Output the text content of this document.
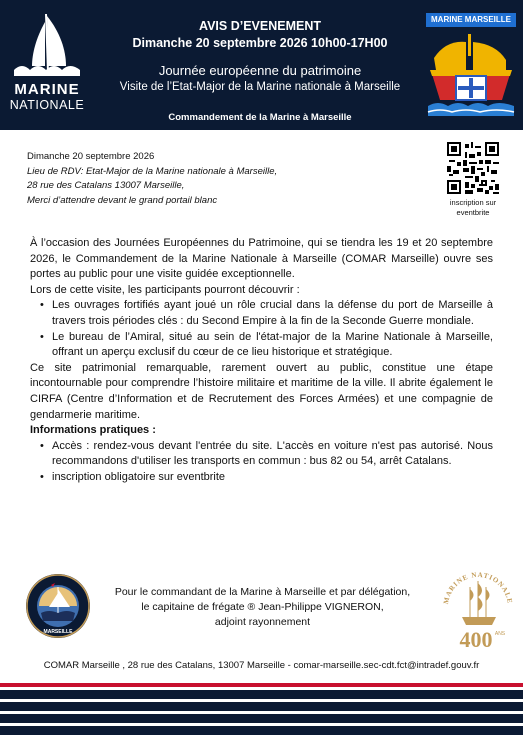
MARINE
NATIONALE
AVIS D’EVENEMENT
Dimanche 20 septembre 2026 10h00-17H00
Journée européenne du patrimoine
Visite de l’Etat-Major de la Marine nationale à Marseille
Commandement de la Marine à Marseille
MARINE MARSEILLE
Dimanche 20 septembre 2026
Lieu de RDV: Etat-Major de la Marine nationale à Marseille,
28 rue des Catalans 13007 Marseille,
Merci d’attendre devant le grand portail blanc	inscription sur
eventbrite

À l’occasion des Journées Européennes du Patrimoine, qui se tiendra les 19 et 20 septembre 2026, le Commandement de la Marine Nationale à Marseille (COMAR Marseille) ouvre ses portes au public pour une visite guidée exceptionnelle.

Lors de cette visite, les participants pourront découvrir :

• Les ouvrages fortifiés ayant joué un rôle crucial dans la défense du port de Marseille à travers trois périodes clés : du Second Empire à la fin de la Seconde Guerre mondiale.
• Le bureau de l’Amiral, situé au sein de l'état-major de la Marine Nationale à Marseille, offrant un aperçu exclusif du cœur de ce lieu historique et stratégique.

Ce site patrimonial remarquable, rarement ouvert au public, constitue une étape incontournable pour comprendre l’histoire militaire et maritime de la ville. Il abrite également le CIRFA (Centre d’Information et de Recrutement des Forces Armées) et une compagnie de gendarmerie maritime.

Informations pratiques :

• Accès : rendez-vous devant l'entrée du site. L'accès en voiture n'est pas autorisé. Nous recommandons d'utiliser les transports en commun : bus 82 ou 54, arrêt Catalans.
• inscription obligatoire sur eventbrite
MARSEILLE
Pour le commandant de la Marine à Marseille et par délégation,
le capitaine de frégate ® Jean-Philippe VIGNERON,
adjoint rayonnement
MARINE NATIONALE
400 ANS
COMAR Marseille , 28 rue des Catalans, 13007 Marseille - comar-marseille.sec-cdt.fct@intradef.gouv.fr
